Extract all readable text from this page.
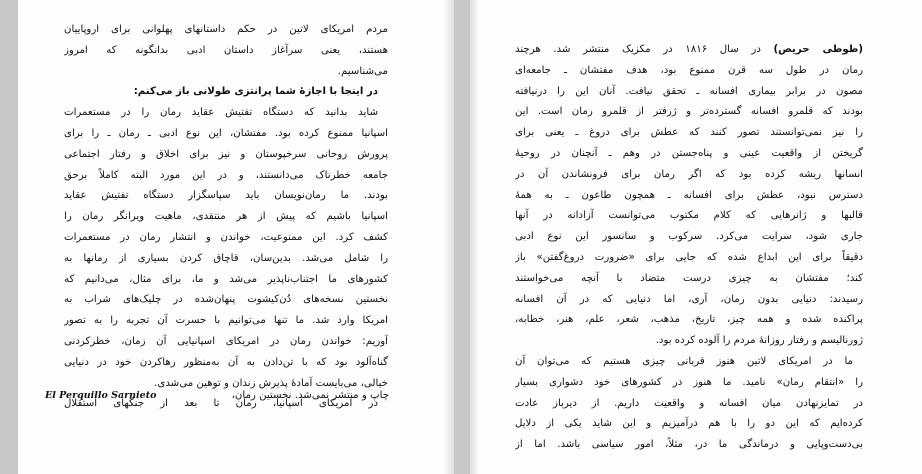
مردم امریکای لاتین در حکم داستانهای پهلوانی برای اروپاییان
هستند، یعنی سرآغاز داستان ادبی بدانگونه که امروز
می‌شناسیم.
در اینجا با اجازهٔ شما پرانتزی طولانی باز می‌کنم:
شاید بدانید که دستگاه تفتیش عقاید رمان را در مستعمرات
اسپانیا ممنوع کرده بود. مفتشان، این نوع ادبی ـ رمان ـ را برای
پرورش روحانی سرخپوستان و نیز برای اخلاق و رفتار اجتماعی
جامعه خطرناک می‌دانستند، و در این مورد البته کاملاً برحق
بودند. ما رمان‌نویسان باید سپاسگزار دستگاه تفتیش عقاید
اسپانیا باشیم که پیش از هر منتقدی، ماهیت ویرانگر رمان را
کشف کرد. این ممنوعیت، خواندن و انتشار رمان در مستعمرات
را شامل می‌شد. بدین‌سان، قاچاق کردن بسیاری از رمانها به
کشورهای ما اجتناب‌ناپذیر می‌شد و ما، برای مثال، می‌دانیم که
نخستین نسخه‌های دُن‌کیشوت پنهان‌شده در چلیک‌های شراب به
امریکا وارد شد. ما تنها می‌توانیم با حسرت آن تجربه را به تصور
آوریم: خواندن رمان در امریکای اسپانیایی آن زمان، خطرکردنی
گناه‌آلود بود که با تن‌دادن به آن به‌منظور رهاکردن خود در دنیایی
خیالی، می‌بایست آمادهٔ پذیرش زندان و توهین می‌شدی.
در امریکای اسپانیا، رمان تا بعد از جنگهای استقلال
چاپ و منتشر نمی‌شد. نخستین رمان،
El Perquillo Sarnieto
(طوطی حریص) در سال ۱۸۱۶ در مکزیک منتشر شد. هرچند
رمان در طول سه قرن ممنوع بود، هدف مفتشان ـ جامعه‌ای
مصون در برابر بیماری افسانه ـ تحقق نیافت. آنان این را درنیافته
بودند که قلمرو افسانه گسترده‌تر و ژرفتر از قلمرو رمان است. این
را نیز نمی‌توانستند تصور کنند که عطش برای دروغ ـ یعنی برای
گریختن از واقعیت عینی و پناه‌جستن در وهم ـ آنچنان در روحیهٔ
انسانها ریشه کرده بود که اگر رمان برای فرونشاندن آن در
دسترس نبود، عطش برای افسانه ـ همچون طاعون ـ به همهٔ
قالبها و ژانرهایی که کلام مکتوب می‌توانست آزادانه در آنها
جاری شود، سرایت می‌کرد. سرکوب و سانسور این نوع ادبی
دقیقاً برای این ابداع شده که جایی برای «ضرورت دروغ‌گفتن» باز
کند؛ مفتشان به چیزی درست متضاد با آنچه می‌خواستند
رسیدند: دنیایی بدون رمان، آری، اما دنیایی که در آن افسانه
پراکنده شده و همه چیز، تاریخ، مذهب، شعر، علم، هنر، خطابه،
ژورنالیسم و رفتار روزانهٔ مردم را آلوده کرده بود.
ما در امریکای لاتین هنوز قربانی چیزی هستیم که می‌توان آن
را «انتقام رمان» نامید. ما هنوز در کشورهای خود دشواری بسیار
در تمایزنهادن میان افسانه و واقعیت داریم. از دیرباز عادت
کرده‌ایم که این دو را با هم درآمیزیم و این شاید یکی از دلایل
بی‌دست‌وپایی و درماندگی ما در، مثلاً، امور سیاسی باشد. اما از
